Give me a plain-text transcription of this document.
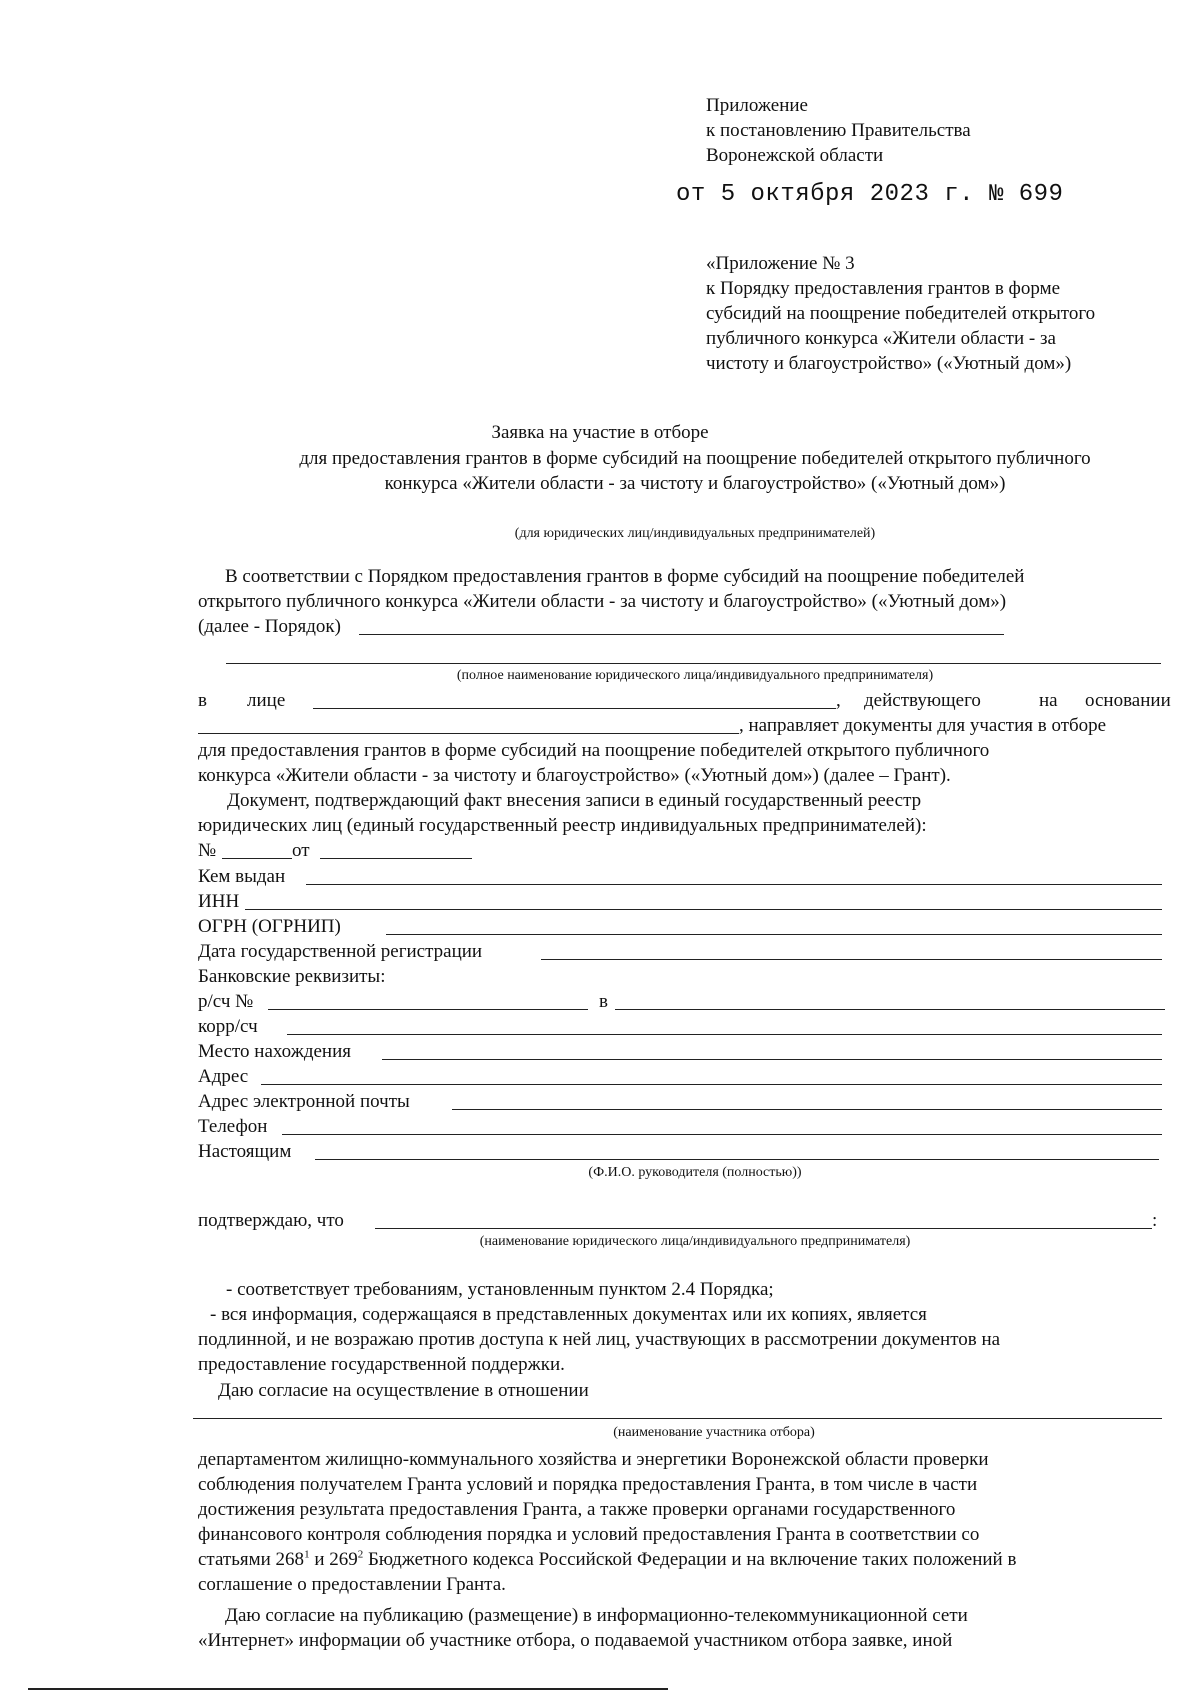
Приложение
к постановлению Правительства
Воронежской области
от 5 октября 2023 г. № 699
«Приложение № 3
к Порядку предоставления грантов в форме
субсидий на поощрение победителей открытого
публичного конкурса «Жители области - за
чистоту и благоустройство» («Уютный дом»)
Заявка на участие в отборе
для предоставления грантов в форме субсидий на поощрение победителей открытого публичного
конкурса «Жители области - за чистоту и благоустройство» («Уютный дом»)
(для юридических лиц/индивидуальных предпринимателей)
В соответствии с Порядком предоставления грантов в форме субсидий на поощрение победителей
открытого публичного конкурса «Жители области - за чистоту и благоустройство» («Уютный дом»)
(далее - Порядок)
(полное наименование юридического лица/индивидуального предпринимателя)
в лице	, действующего	на основании
, направляет документы для участия в отборе
для предоставления грантов в форме субсидий на поощрение победителей открытого публичного
конкурса «Жители области - за чистоту и благоустройство» («Уютный дом») (далее – Грант).
Документ, подтверждающий факт внесения записи в единый государственный реестр
юридических лиц (единый государственный реестр индивидуальных предпринимателей):
№	от
Кем выдан
ИНН
ОГРН (ОГРНИП)
Дата государственной регистрации
Банковские реквизиты:
р/сч №	в
корр/сч
Место нахождения
Адрес
Адрес электронной почты
Телефон
Настоящим
(Ф.И.О. руководителя (полностью))
подтверждаю, что	:
(наименование юридического лица/индивидуального предпринимателя)
- соответствует требованиям, установленным пунктом 2.4 Порядка;
- вся информация, содержащаяся в представленных документах или их копиях, является
подлинной, и не возражаю против доступа к ней лиц, участвующих в рассмотрении документов на
предоставление государственной поддержки.
Даю согласие на осуществление в отношении
(наименование участника отбора)
департаментом жилищно-коммунального хозяйства и энергетики Воронежской области проверки
соблюдения получателем Гранта условий и порядка предоставления Гранта, в том числе в части
достижения результата предоставления Гранта, а также проверки органами государственного
финансового контроля соблюдения порядка и условий предоставления Гранта в соответствии со
статьями $268^1$ и $269^2$ Бюджетного кодекса Российской Федерации и на включение таких положений в
соглашение о предоставлении Гранта.
Даю согласие на публикацию (размещение) в информационно-телекоммуникационной сети
«Интернет» информации об участнике отбора, о подаваемой участником отбора заявке, иной
